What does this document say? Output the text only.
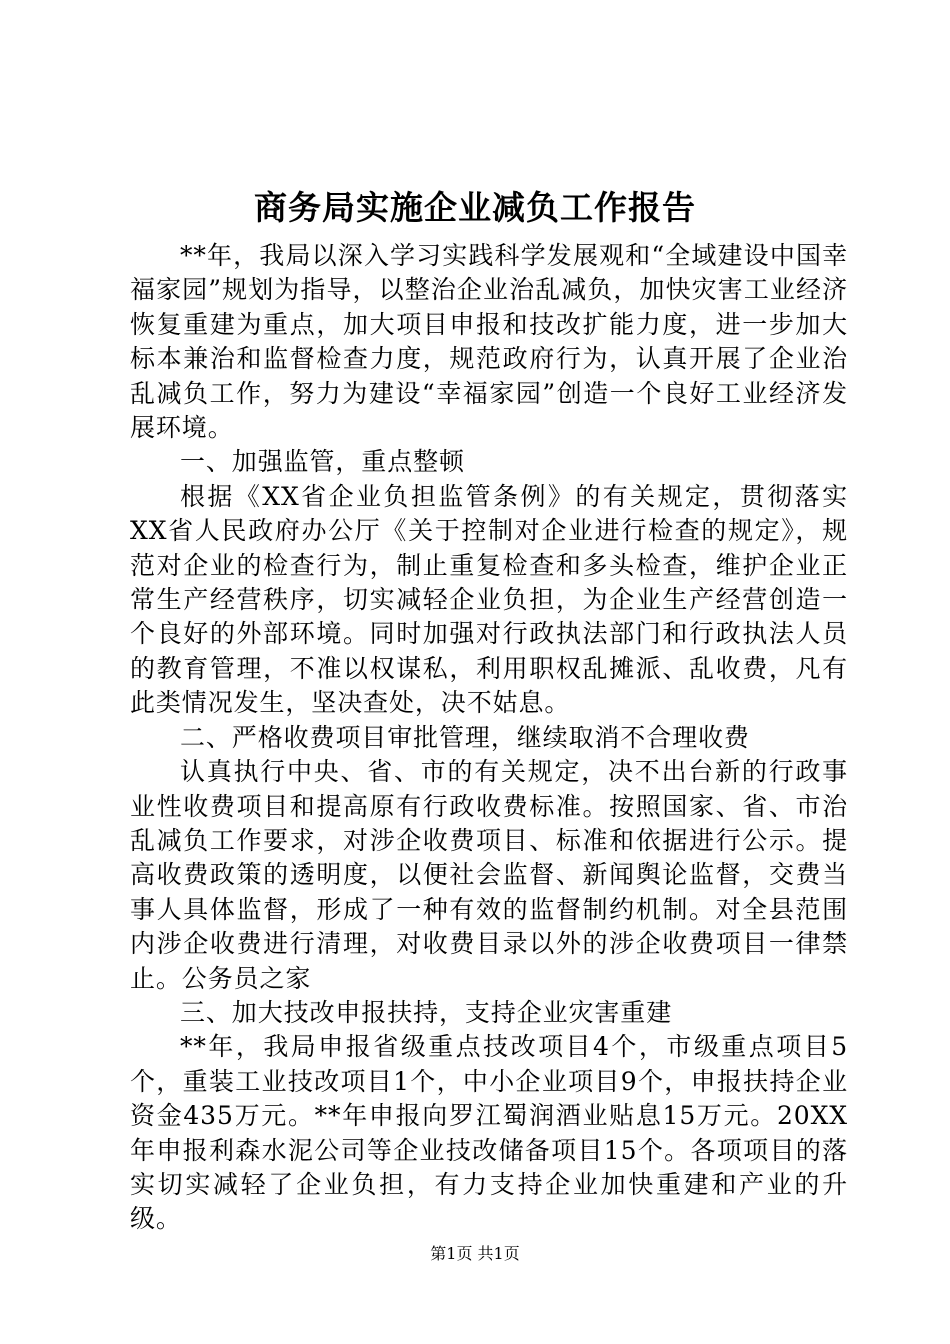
商务局实施企业减负工作报告

**年，我局以深入学习实践科学发展观和“全域建设中国幸福家园”规划为指导，以整治企业治乱减负，加快灾害工业经济恢复重建为重点，加大项目申报和技改扩能力度，进一步加大标本兼治和监督检查力度，规范政府行为，认真开展了企业治乱减负工作，努力为建设“幸福家园”创造一个良好工业经济发展环境。

一、加强监管，重点整顿

根据《XX省企业负担监管条例》的有关规定，贯彻落实XX省人民政府办公厅《关于控制对企业进行检查的规定》，规范对企业的检查行为，制止重复检查和多头检查，维护企业正常生产经营秩序，切实减轻企业负担，为企业生产经营创造一个良好的外部环境。同时加强对行政执法部门和行政执法人员的教育管理，不准以权谋私，利用职权乱摊派、乱收费，凡有此类情况发生，坚决查处，决不姑息。

二、严格收费项目审批管理，继续取消不合理收费

认真执行中央、省、市的有关规定，决不出台新的行政事业性收费项目和提高原有行政收费标准。按照国家、省、市治乱减负工作要求，对涉企收费项目、标准和依据进行公示。提高收费政策的透明度，以便社会监督、新闻舆论监督，交费当事人具体监督，形成了一种有效的监督制约机制。对全县范围内涉企收费进行清理，对收费目录以外的涉企收费项目一律禁止。公务员之家

三、加大技改申报扶持，支持企业灾害重建

**年，我局申报省级重点技改项目4个，市级重点项目5个，重装工业技改项目1个，中小企业项目9个，申报扶持企业资金435万元。**年申报向罗江蜀润酒业贴息15万元。20XX年申报利森水泥公司等企业技改储备项目15个。各项项目的落实切实减轻了企业负担，有力支持企业加快重建和产业的升级。

第1页 共1页
